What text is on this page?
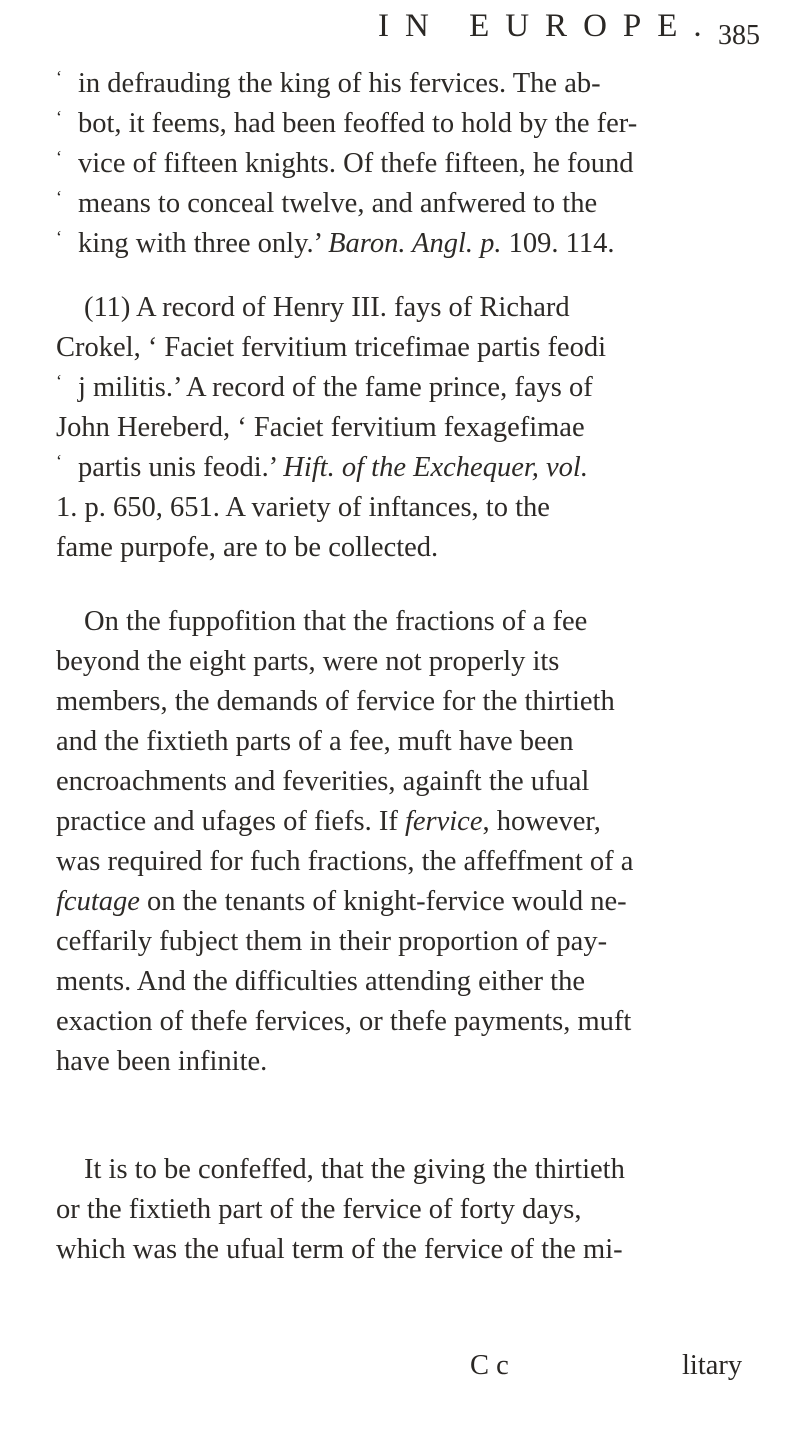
IN EUROPE. 385
‘ in defrauding the king of his fervices. The ab-
‘ bot, it feems, had been feoffed to hold by the fer-
‘ vice of fifteen knights. Of thefe fifteen, he found
‘ means to conceal twelve, and anfwered to the
‘ king with three only.’ Baron. Angl. p. 109. 114.
(11) A record of Henry III. fays of Richard
Crokel, ‘ Faciet fervitium tricefimae partis feodi
‘ j militis.’ A record of the fame prince, fays of
John Hereberd, ‘ Faciet fervitium fexagefimae
‘ partis unis feodi.’ Hift. of the Exchequer, vol.
1. p. 650, 651. A variety of inftances, to the
fame purpofe, are to be collected.
On the fuppofition that the fractions of a fee
beyond the eight parts, were not properly its
members, the demands of fervice for the thirtieth
and the fixtieth parts of a fee, muft have been
encroachments and feverities, againft the ufual
practice and ufages of fiefs. If fervice, however,
was required for fuch fractions, the affeffment of a
fcutage on the tenants of knight-fervice would ne-
ceffarily fubject them in their proportion of pay-
ments. And the difficulties attending either the
exaction of thefe fervices, or thefe payments, muft
have been infinite.
It is to be confeffed, that the giving the thirtieth
or the fixtieth part of the fervice of forty days,
which was the ufual term of the fervice of the mi-
C c	litary
